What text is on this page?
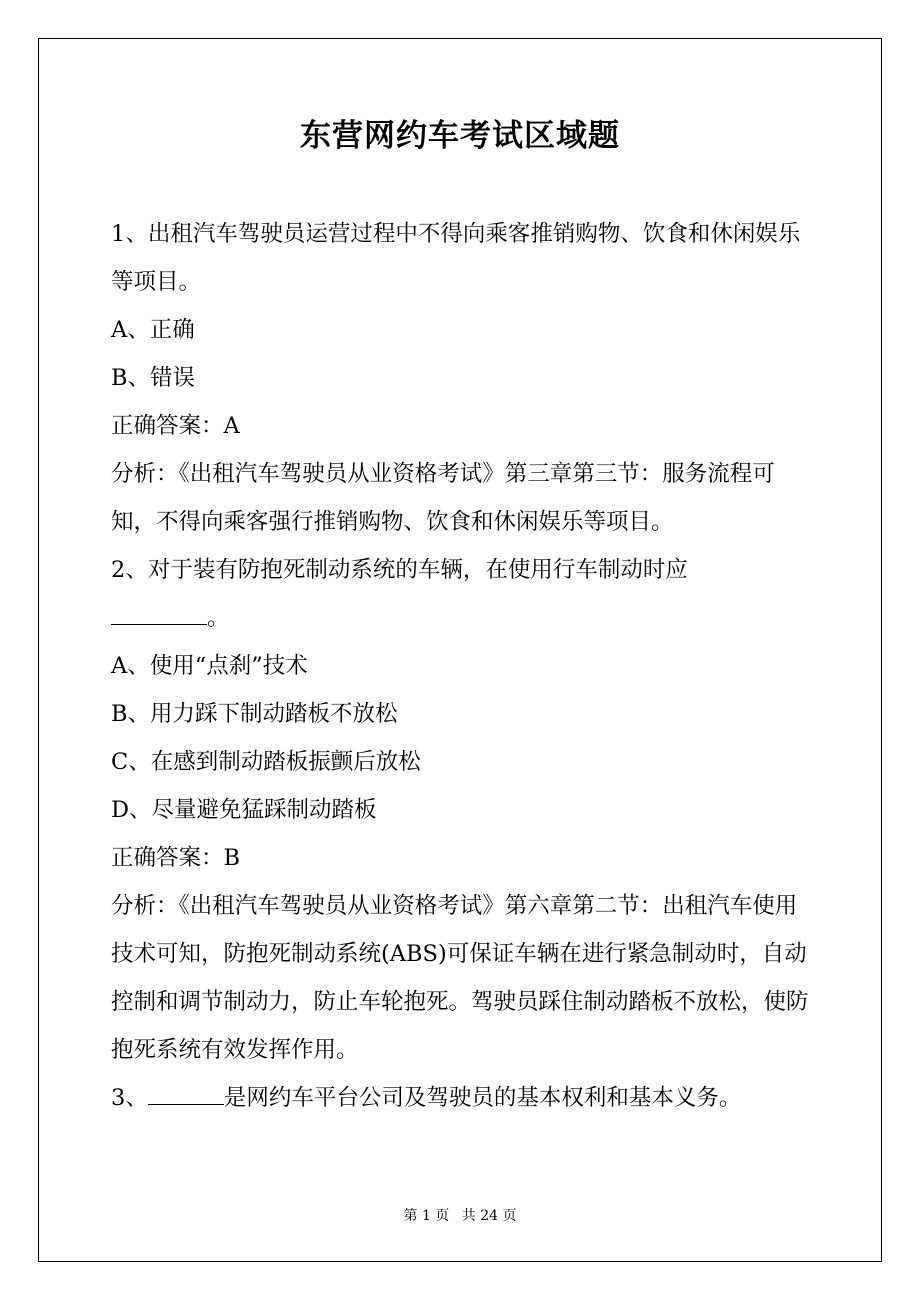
东营网约车考试区域题

1、出租汽车驾驶员运营过程中不得向乘客推销购物、饮食和休闲娱乐等项目。

A、正确

B、错误

正确答案：A

分析：《出租汽车驾驶员从业资格考试》第三章第三节：服务流程可知，不得向乘客强行推销购物、饮食和休闲娱乐等项目。

2、对于装有防抱死制动系统的车辆，在使用行车制动时应
。

A、使用“点刹”技术

B、用力踩下制动踏板不放松

C、在感到制动踏板振颤后放松

D、尽量避免猛踩制动踏板

正确答案：B

分析：《出租汽车驾驶员从业资格考试》第六章第二节：出租汽车使用技术可知，防抱死制动系统(ABS)可保证车辆在进行紧急制动时，自动控制和调节制动力，防止车轮抱死。驾驶员踩住制动踏板不放松，使防抱死系统有效发挥作用。

3、	是网约车平台公司及驾驶员的基本权利和基本义务。

第 1 页 共 24 页
